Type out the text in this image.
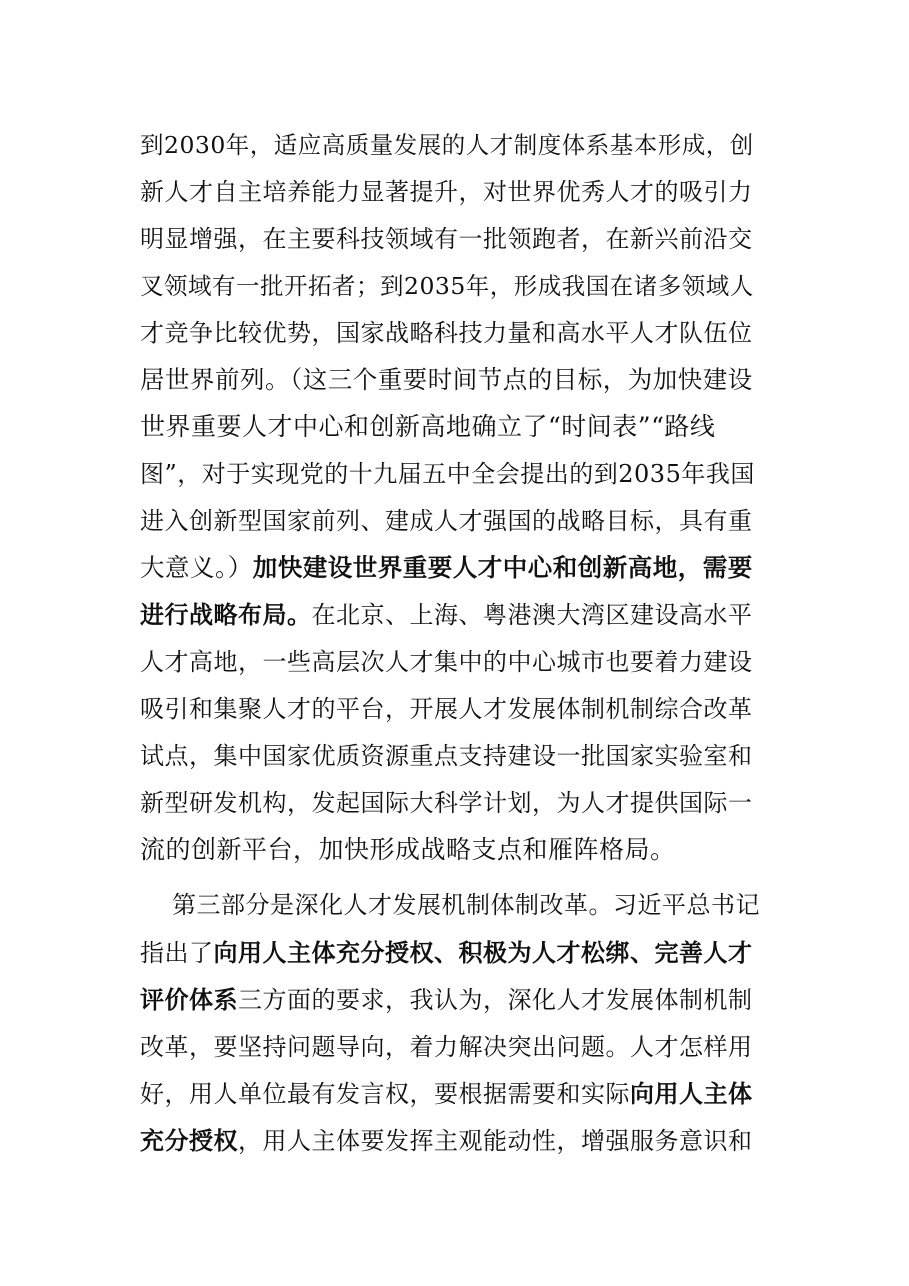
到2030年，适应高质量发展的人才制度体系基本形成，创
新人才自主培养能力显著提升，对世界优秀人才的吸引力
明显增强，在主要科技领域有一批领跑者，在新兴前沿交
叉领域有一批开拓者；到2035年，形成我国在诸多领域人
才竞争比较优势，国家战略科技力量和高水平人才队伍位
居世界前列。（这三个重要时间节点的目标，为加快建设
世界重要人才中心和创新高地确立了“时间表”“路线
图”，对于实现党的十九届五中全会提出的到2035年我国
进入创新型国家前列、建成人才强国的战略目标，具有重
大意义。）加快建设世界重要人才中心和创新高地，需要
进行战略布局。在北京、上海、粤港澳大湾区建设高水平
人才高地，一些高层次人才集中的中心城市也要着力建设
吸引和集聚人才的平台，开展人才发展体制机制综合改革
试点，集中国家优质资源重点支持建设一批国家实验室和
新型研发机构，发起国际大科学计划，为人才提供国际一
流的创新平台，加快形成战略支点和雁阵格局。
第三部分是深化人才发展机制体制改革。习近平总书记
指出了向用人主体充分授权、积极为人才松绑、完善人才
评价体系三方面的要求，我认为，深化人才发展体制机制
改革，要坚持问题导向，着力解决突出问题。人才怎样用
好，用人单位最有发言权，要根据需要和实际向用人主体
充分授权，用人主体要发挥主观能动性，增强服务意识和
